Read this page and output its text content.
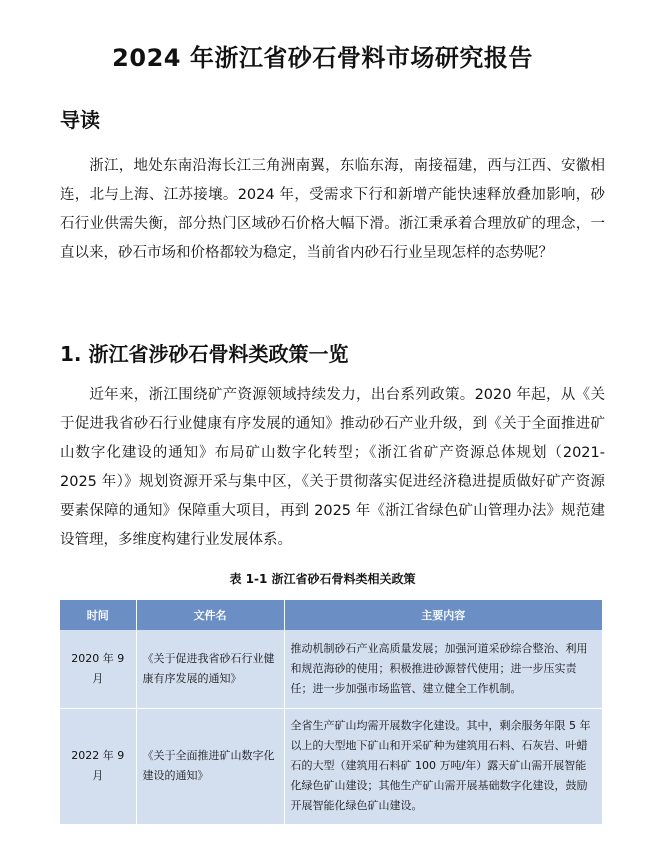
2024 年浙江省砂石骨料市场研究报告
导读

浙江，地处东南沿海长江三角洲南翼，东临东海，南接福建，西与江西、安徽相连，北与上海、江苏接壤。2024 年，受需求下行和新增产能快速释放叠加影响，砂石行业供需失衡，部分热门区域砂石价格大幅下滑。浙江秉承着合理放矿的理念，一直以来，砂石市场和价格都较为稳定，当前省内砂石行业呈现怎样的态势呢？

1. 浙江省涉砂石骨料类政策一览

近年来，浙江围绕矿产资源领域持续发力，出台系列政策。2020 年起，从《关于促进我省砂石行业健康有序发展的通知》推动砂石产业升级，到《关于全面推进矿山数字化建设的通知》布局矿山数字化转型；《浙江省矿产资源总体规划（2021-2025 年）》规划资源开采与集中区，《关于贯彻落实促进经济稳进提质做好矿产资源要素保障的通知》保障重大项目，再到 2025 年《浙江省绿色矿山管理办法》规范建设管理，多维度构建行业发展体系。

表 1-1 浙江省砂石骨料类相关政策
时间	文件名	主要内容
2020 年 9 月	《关于促进我省砂石行业健康有序发展的通知》	推动机制砂石产业高质量发展；加强河道采砂综合整治、利用和规范海砂的使用；积极推进砂源替代使用；进一步压实责任；进一步加强市场监管、建立健全工作机制。
2022 年 9 月	《关于全面推进矿山数字化建设的通知》	全省生产矿山均需开展数字化建设。其中，剩余服务年限 5 年以上的大型地下矿山和开采矿种为建筑用石料、石灰岩、叶蜡石的大型（建筑用石料矿 100 万吨/年）露天矿山需开展智能化绿色矿山建设；其他生产矿山需开展基础数字化建设，鼓励开展智能化绿色矿山建设。
